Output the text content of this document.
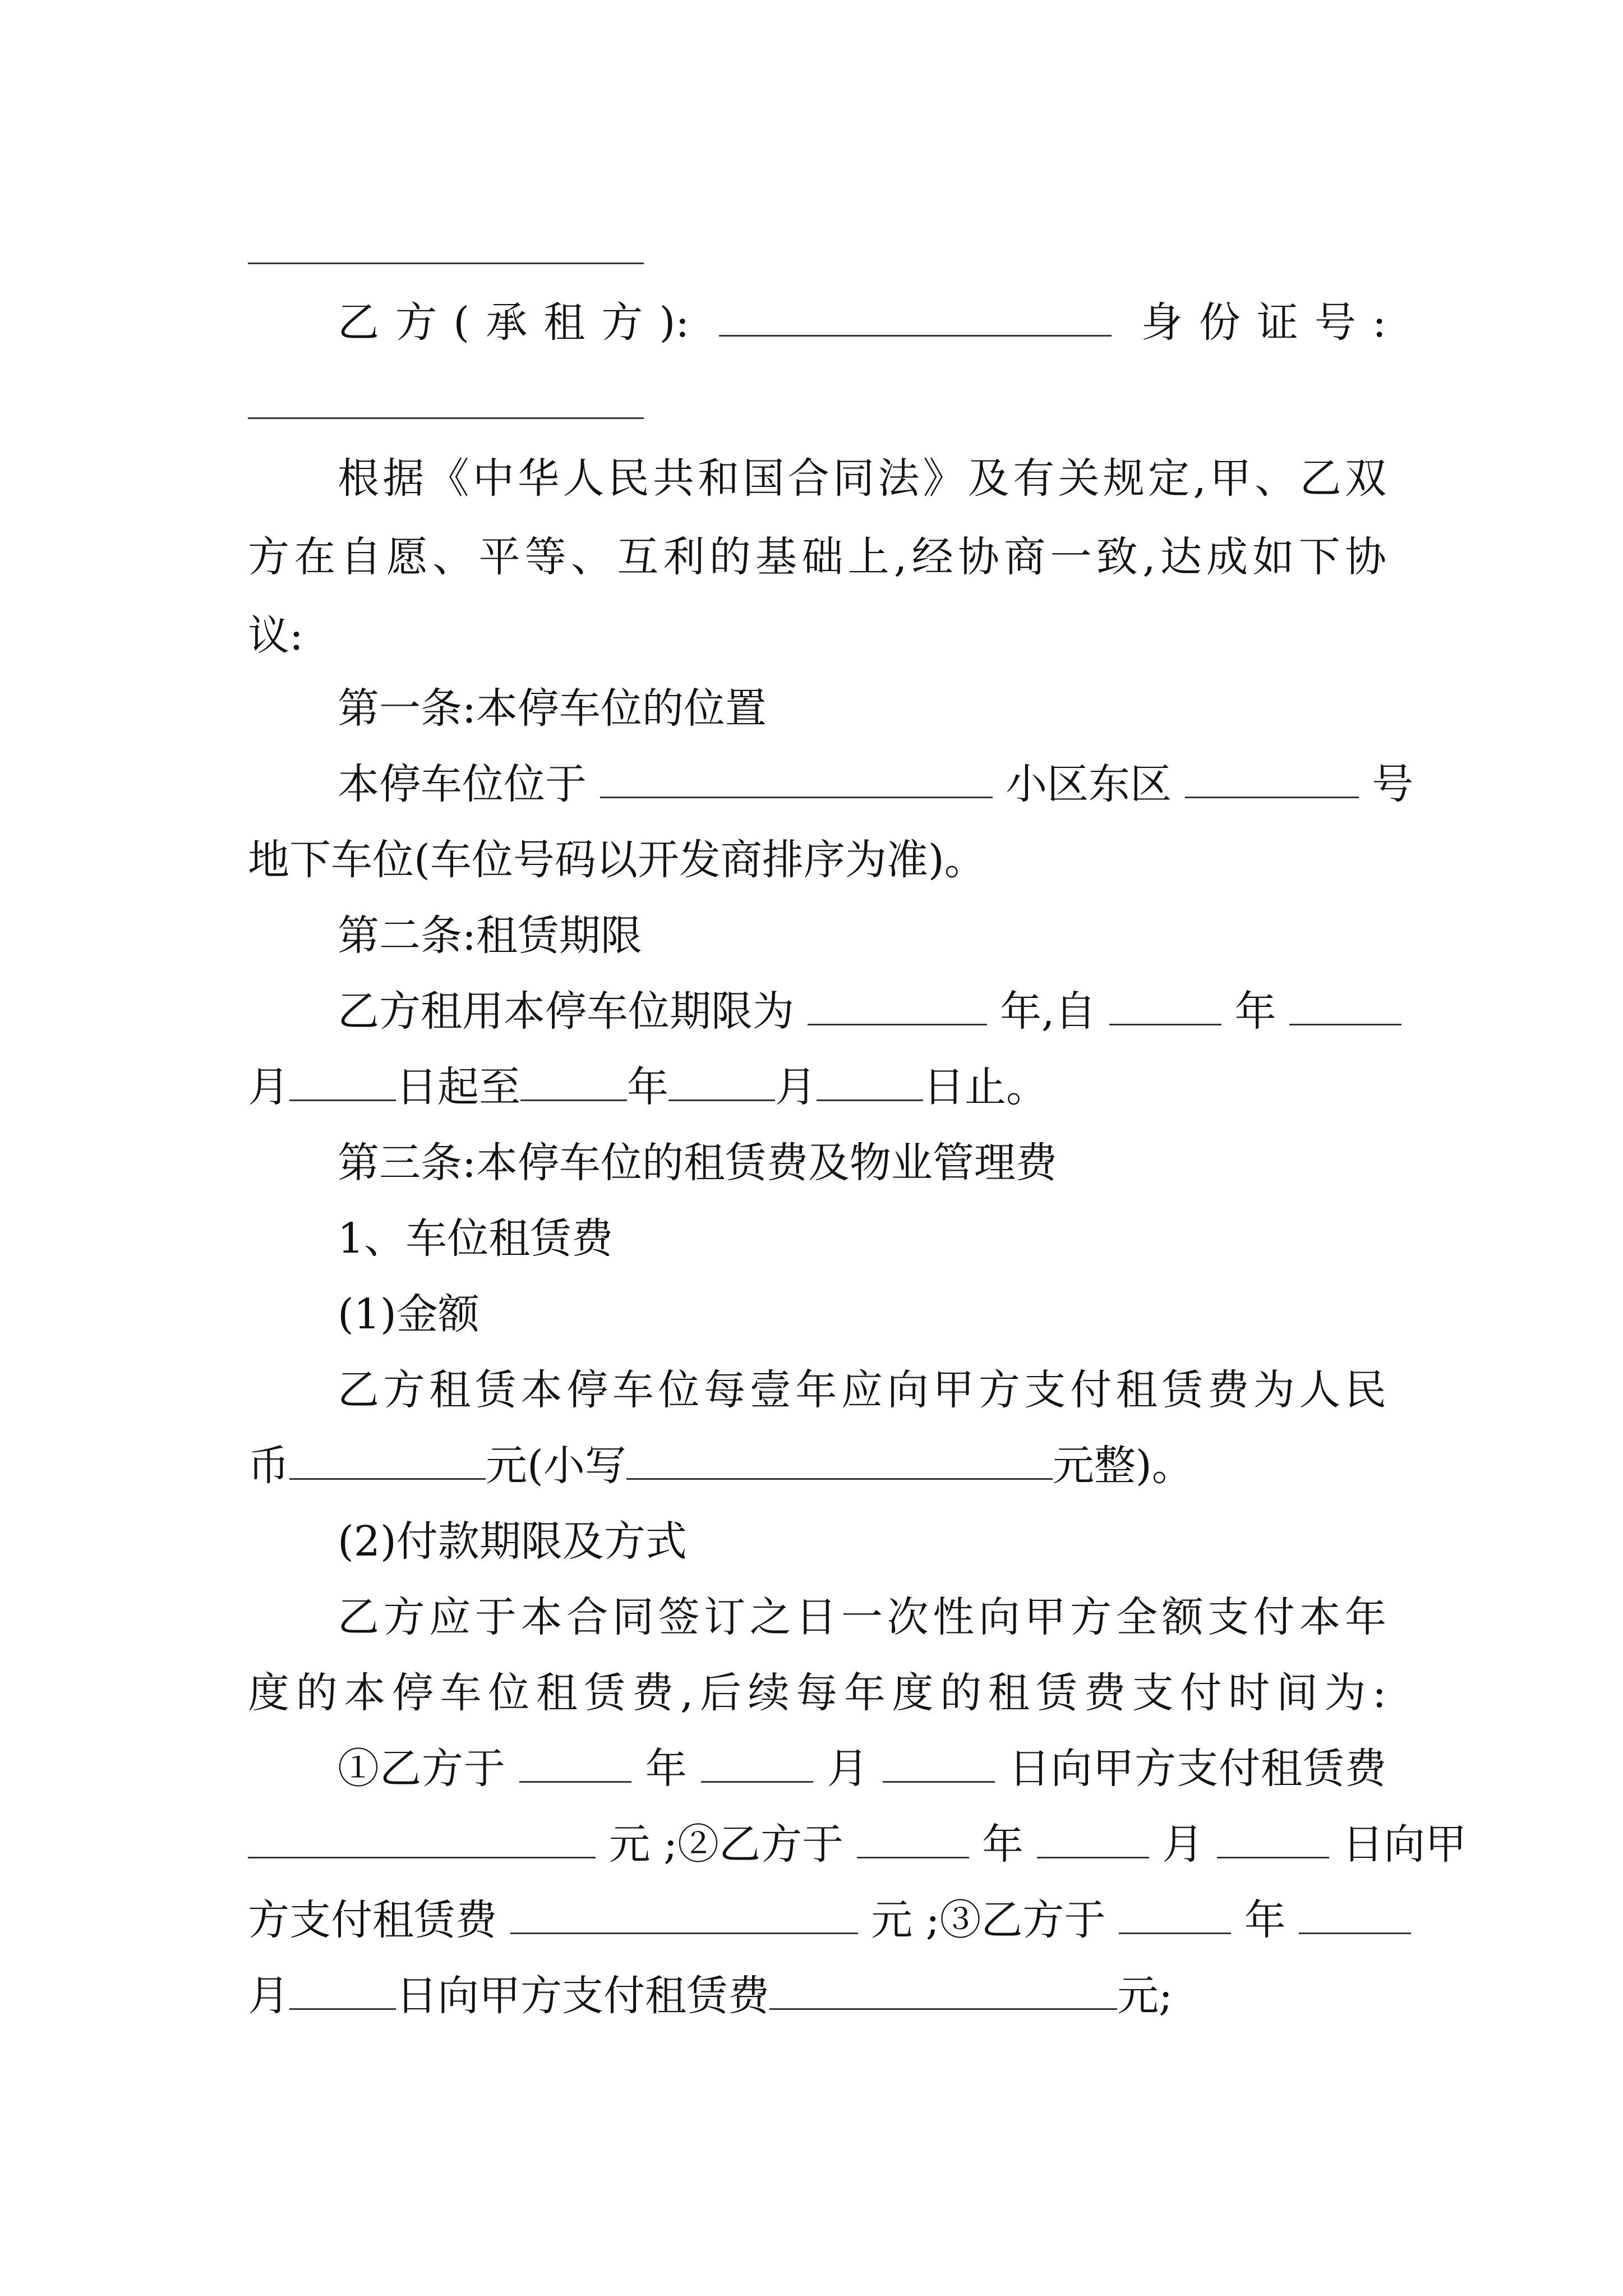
乙方(承租方):	身份证号:
根据《中华人民共和国合同法》及有关规定,甲、乙双
方在自愿、平等、互利的基础上,经协商一致,达成如下协
议:
第一条:本停车位的位置
本停车位位于	小区东区	号
地下车位(车位号码以开发商排序为准)。
第二条:租赁期限
乙方租用本停车位期限为	年,自	年
月	日起至	年	月	日止。
第三条:本停车位的租赁费及物业管理费
1、车位租赁费
(1)金额
乙方租赁本停车位每壹年应向甲方支付租赁费为人民
币	元(小写	元整)。
(2)付款期限及方式
乙方应于本合同签订之日一次性向甲方全额支付本年
度的本停车位租赁费,后续每年度的租赁费支付时间为:
①乙方于	年	月	日向甲方支付租赁费
元 ;②乙方于	年	月	日向甲
方支付租赁费	元 ;③乙方于	年
月	日向甲方支付租赁费	元;
